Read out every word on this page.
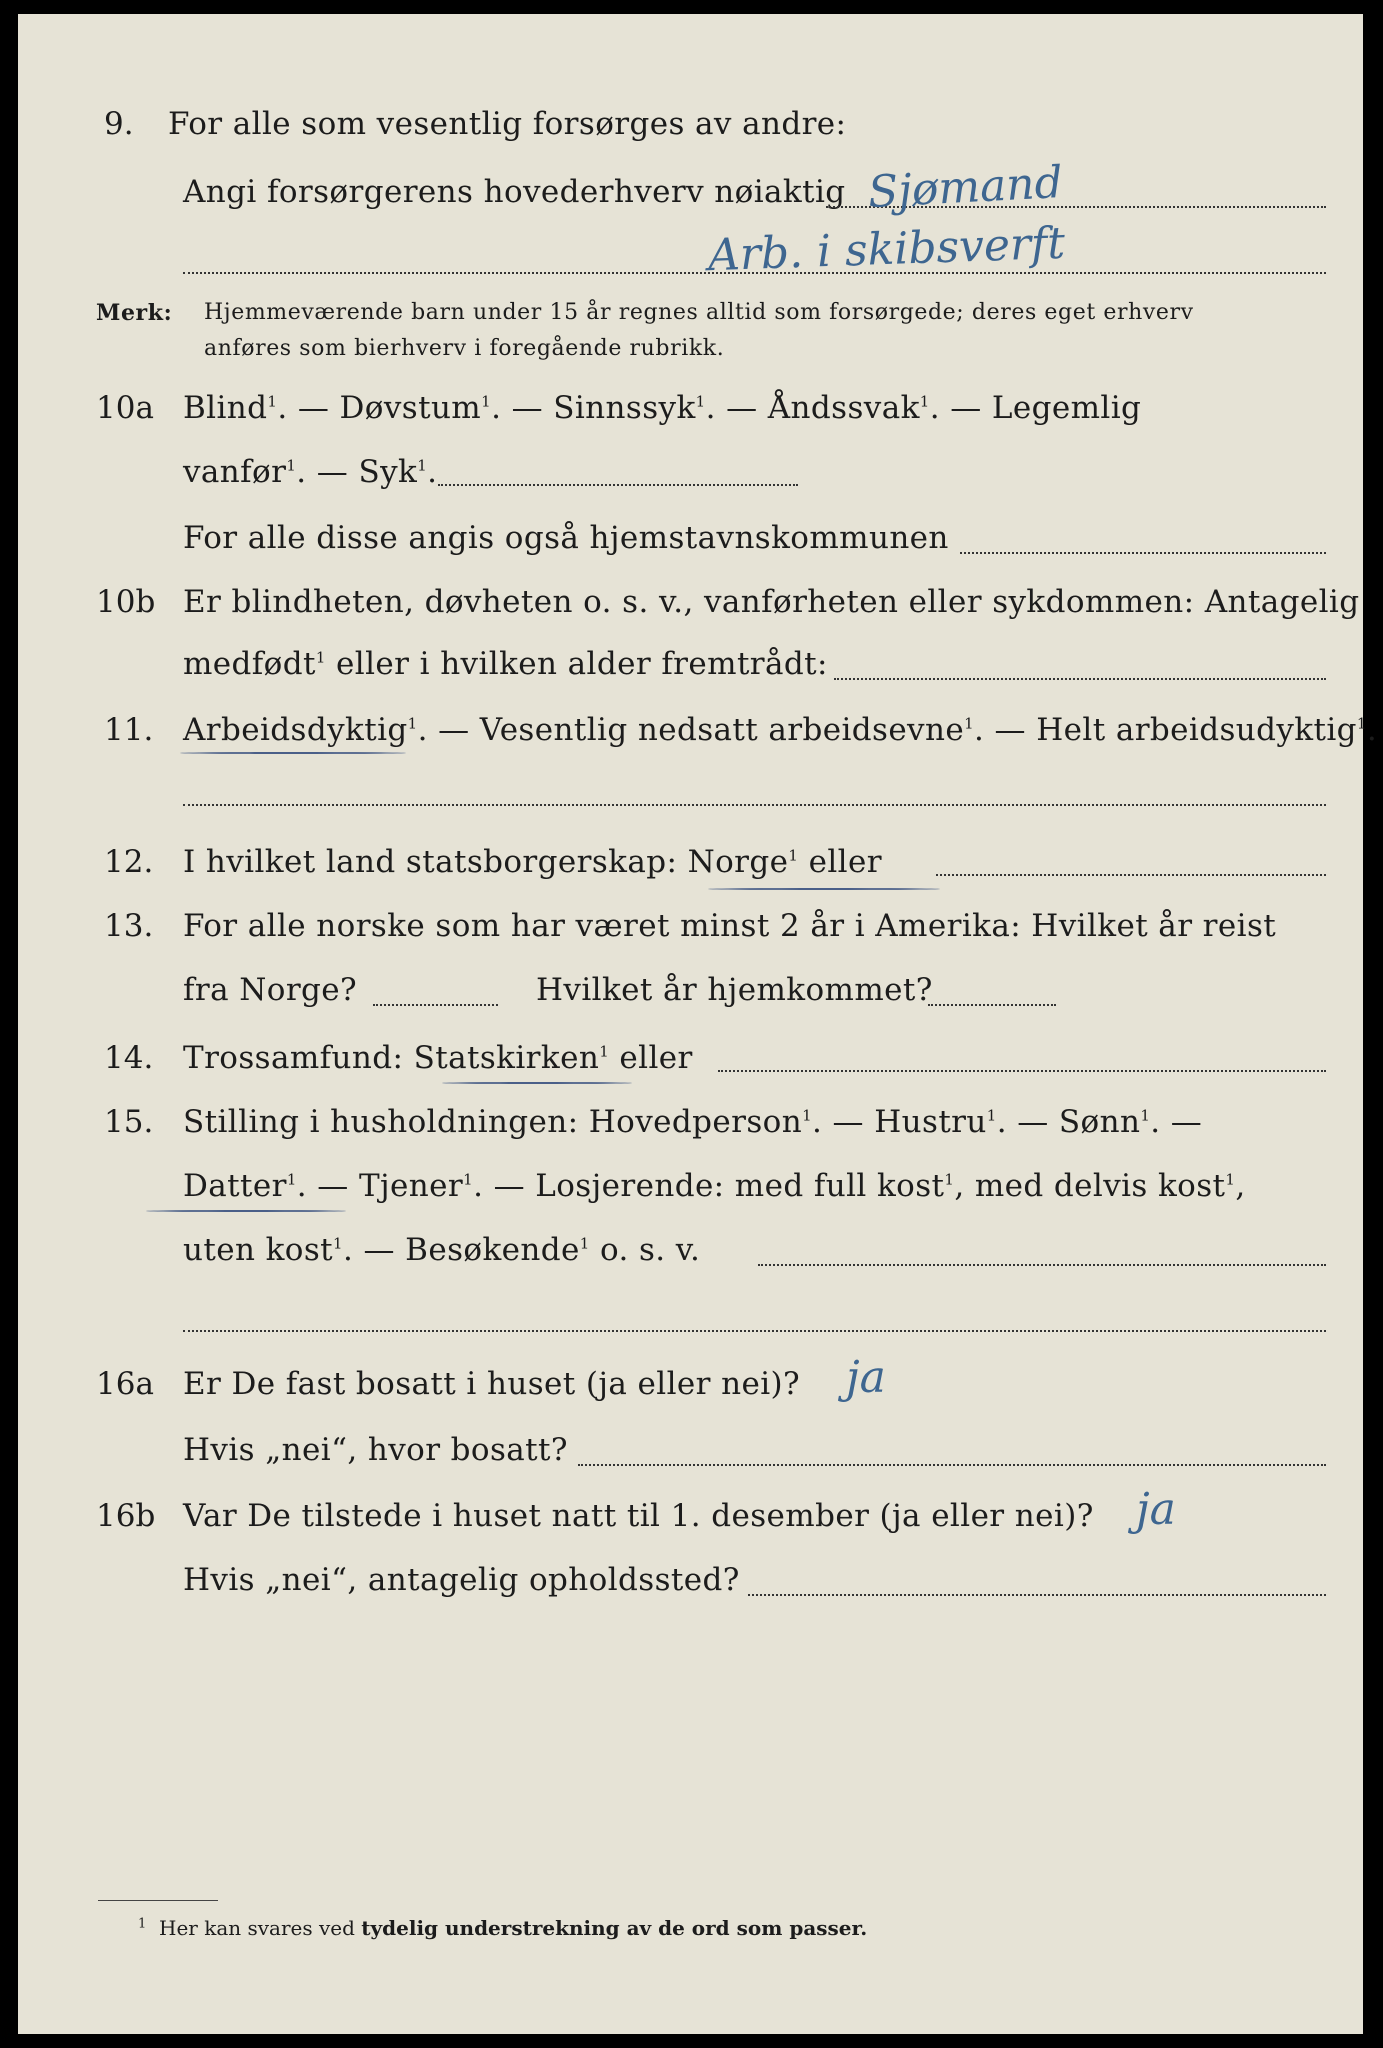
9. For alle som vesentlig forsørges av andre:
Angi forsørgerens hovederhverv nøiaktig Sjømand
Arb. i skibsverft
Merk: Hjemmeværende barn under 15 år regnes alltid som forsørgede; deres eget erhverv
anføres som bierhverv i foregående rubrikk.
10a Blind$^1$. — Døvstum$^1$. — Sinnssyk$^1$. — Åndssvak$^1$. — Legemlig
vanfør$^1$. — Syk$^1$.
For alle disse angis også hjemstavnskommunen
10b Er blindheten, døvheten o. s. v., vanførheten eller sykdommen: Antagelig
medfødt$^1$ eller i hvilken alder fremtrådt:
11. Arbeidsdyktig$^1$. — Vesentlig nedsatt arbeidsevne$^1$. — Helt arbeidsudyktig$^1$.
12. I hvilket land statsborgerskap: Norge$^1$ eller
13. For alle norske som har været minst 2 år i Amerika: Hvilket år reist
fra Norge?	Hvilket år hjemkommet?
14. Trossamfund: Statskirken$^1$ eller
15. Stilling i husholdningen: Hovedperson$^1$. — Hustru$^1$. — Sønn$^1$. —
Datter$^1$. — Tjener$^1$. — Losjerende: med full kost$^1$, med delvis kost$^1$,
uten kost$^1$. — Besøkende$^1$ o. s. v.
16a Er De fast bosatt i huset (ja eller nei)? ja
Hvis „nei“, hvor bosatt?
16b Var De tilstede i huset natt til 1. desember (ja eller nei)? ja
Hvis „nei“, antagelig opholdssted?
$^1$ Her kan svares ved tydelig understrekning av de ord som passer.
